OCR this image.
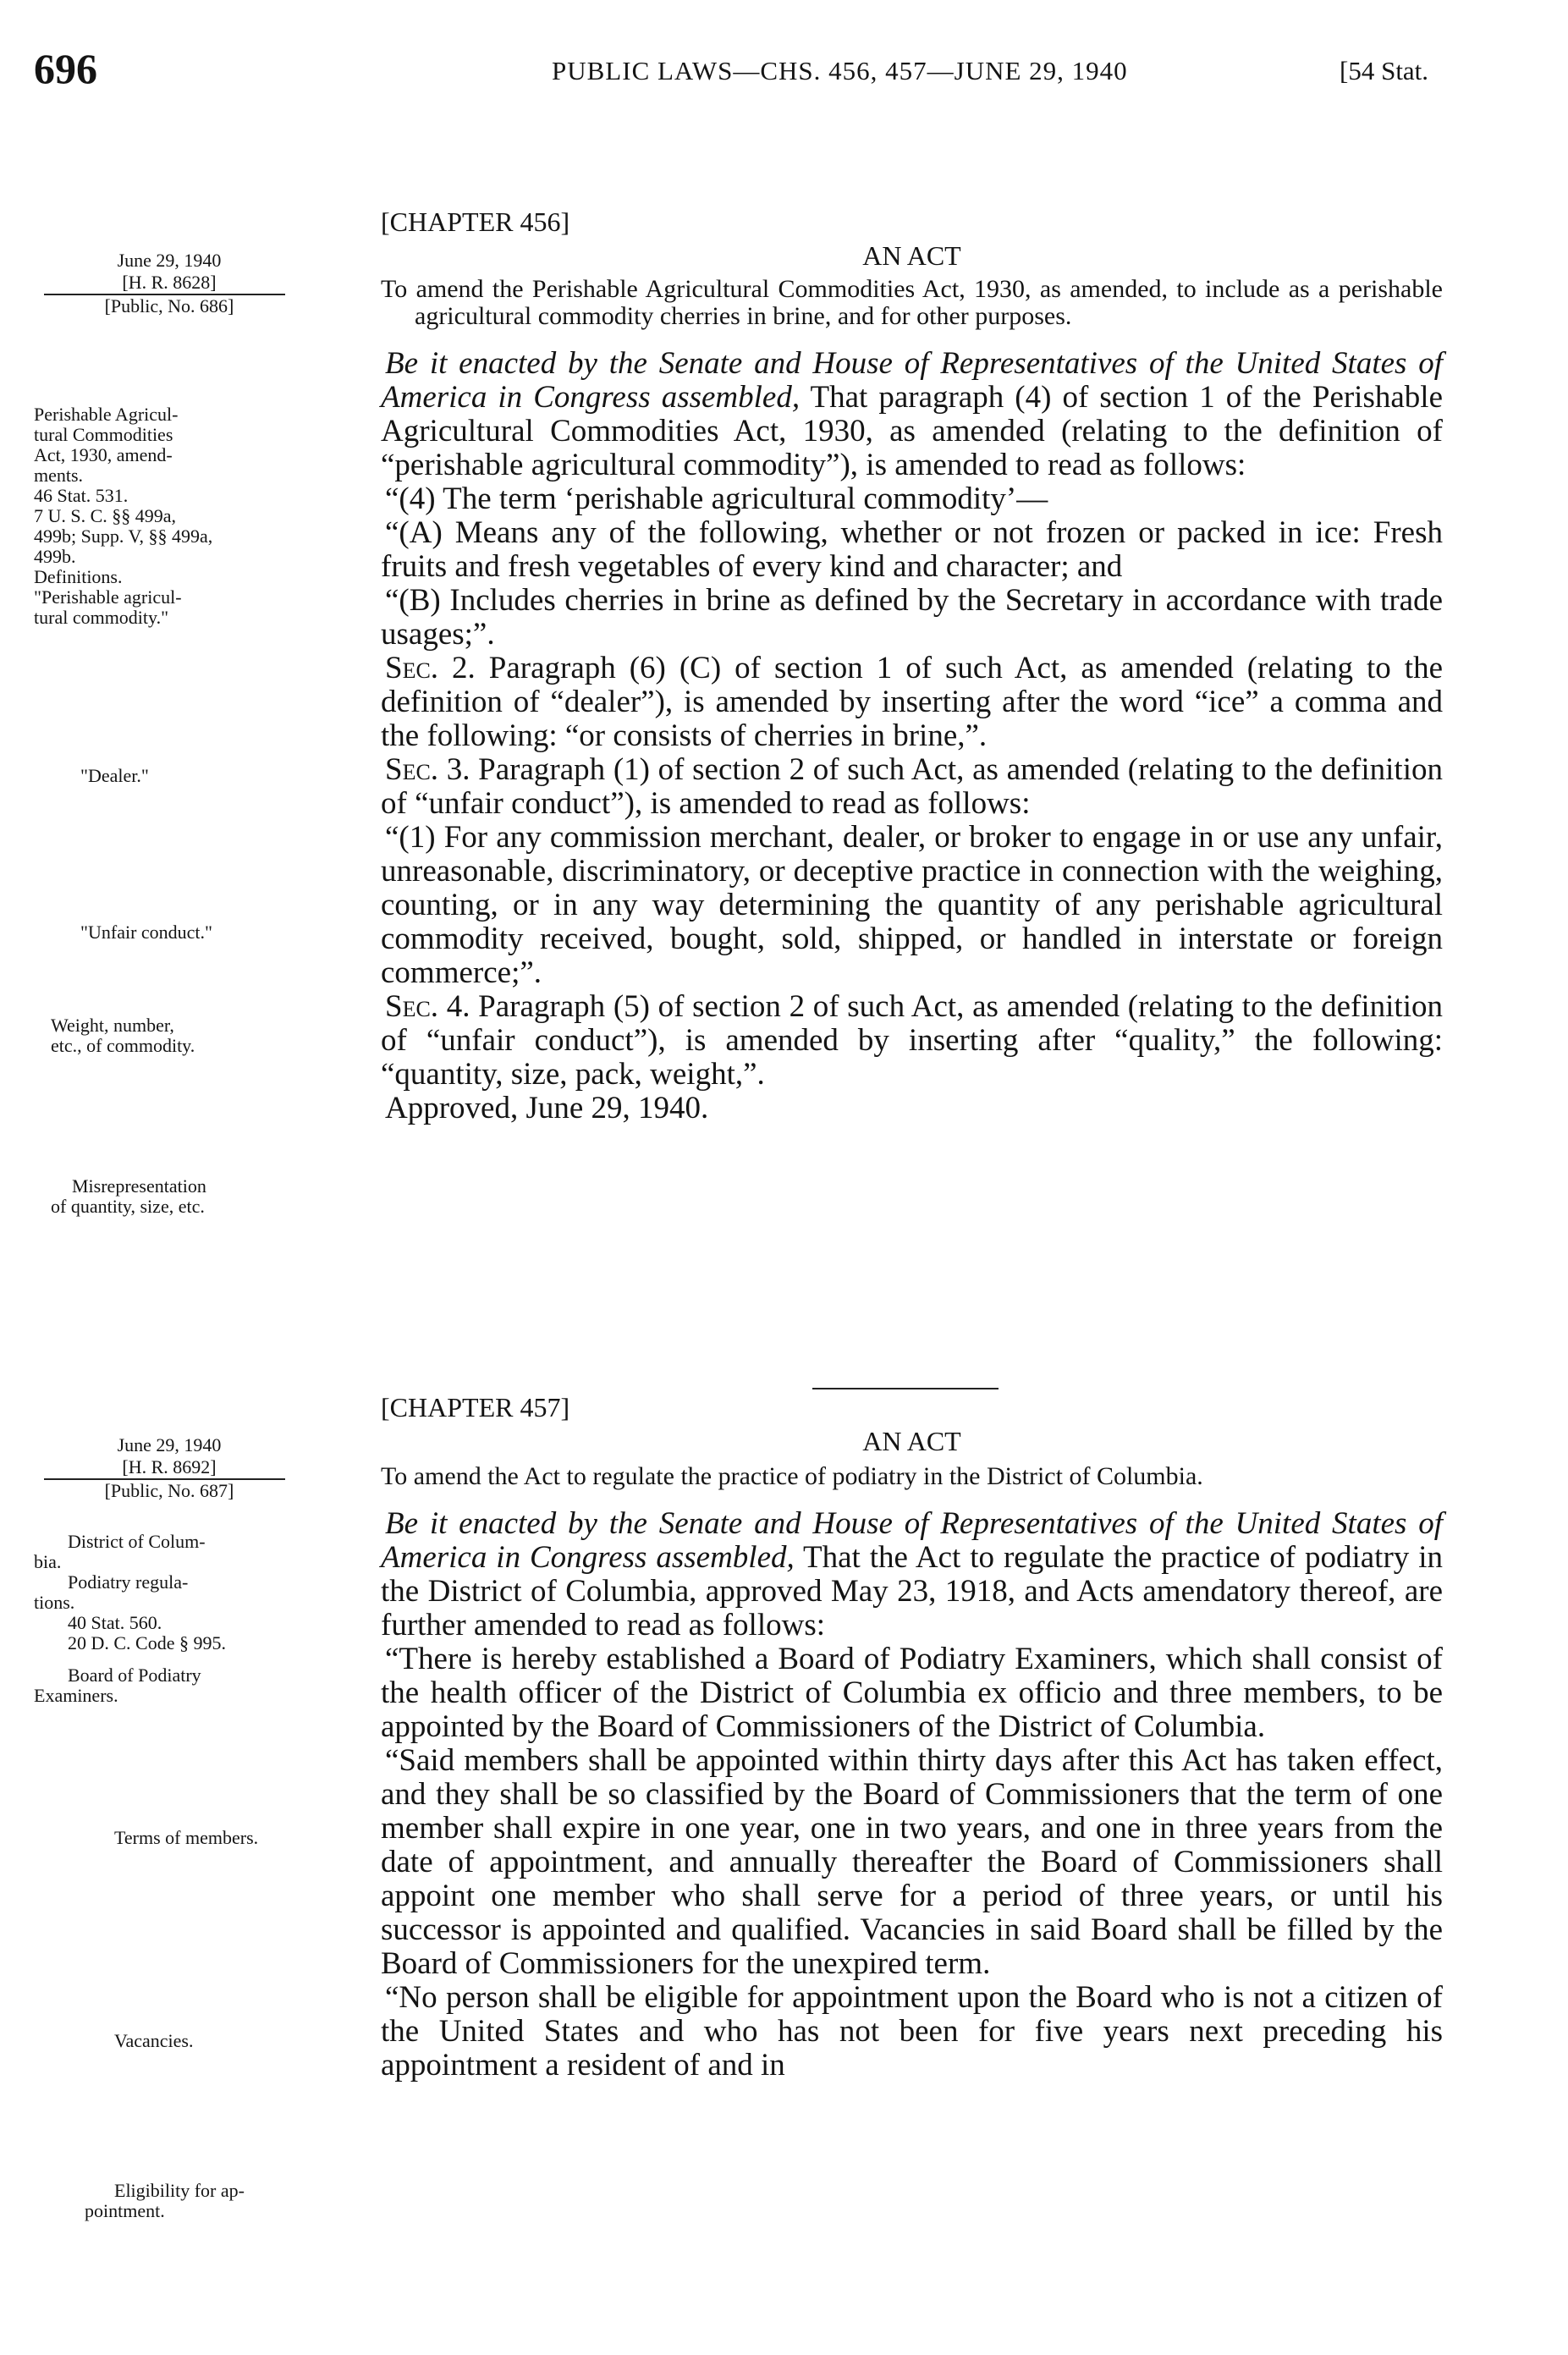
696	PUBLIC LAWS—CHS. 456, 457—JUNE 29, 1940	[54 Stat.
June 29, 1940
[H. R. 8628]
[Public, No. 686]
Perishable Agricul-
tural Commodities
Act, 1930, amend-
ments.
46 Stat. 531.
7 U. S. C. §§ 499a,
499b; Supp. V, §§ 499a,
499b.
Definitions.
"Perishable agricul-
tural commodity."
"Dealer."
"Unfair conduct."
Weight, number,
etc., of commodity.
Misrepresentation
of quantity, size, etc.
[CHAPTER 456]
AN ACT
To amend the Perishable Agricultural Commodities Act, 1930, as amended, to include as a perishable agricultural commodity cherries in brine, and for other purposes.

Be it enacted by the Senate and House of Representatives of the United States of America in Congress assembled, That paragraph (4) of section 1 of the Perishable Agricultural Commodities Act, 1930, as amended (relating to the definition of “perishable agricultural commodity”), is amended to read as follows:

“(4) The term ‘perishable agricultural commodity’—

“(A) Means any of the following, whether or not frozen or packed in ice: Fresh fruits and fresh vegetables of every kind and character; and

“(B) Includes cherries in brine as defined by the Secretary in accordance with trade usages;”.

Sec. 2. Paragraph (6) (C) of section 1 of such Act, as amended (relating to the definition of “dealer”), is amended by inserting after the word “ice” a comma and the following: “or consists of cherries in brine,”.

Sec. 3. Paragraph (1) of section 2 of such Act, as amended (relating to the definition of “unfair conduct”), is amended to read as follows:

“(1) For any commission merchant, dealer, or broker to engage in or use any unfair, unreasonable, discriminatory, or deceptive practice in connection with the weighing, counting, or in any way determining the quantity of any perishable agricultural commodity received, bought, sold, shipped, or handled in interstate or foreign commerce;”.

Sec. 4. Paragraph (5) of section 2 of such Act, as amended (relating to the definition of “unfair conduct”), is amended by inserting after “quality,” the following: “quantity, size, pack, weight,”.

Approved, June 29, 1940.

June 29, 1940
[H. R. 8692]
[Public, No. 687]
District of Colum-
bia.
Podiatry regula-
tions.
40 Stat. 560.
20 D. C. Code § 995.
Board of Podiatry
Examiners.
Terms of members.
Vacancies.
Eligibility for ap-
pointment.
[CHAPTER 457]
AN ACT
To amend the Act to regulate the practice of podiatry in the District of Columbia.

Be it enacted by the Senate and House of Representatives of the United States of America in Congress assembled, That the Act to regulate the practice of podiatry in the District of Columbia, approved May 23, 1918, and Acts amendatory thereof, are further amended to read as follows:

“There is hereby established a Board of Podiatry Examiners, which shall consist of the health officer of the District of Columbia ex officio and three members, to be appointed by the Board of Commissioners of the District of Columbia.

“Said members shall be appointed within thirty days after this Act has taken effect, and they shall be so classified by the Board of Commissioners that the term of one member shall expire in one year, one in two years, and one in three years from the date of appointment, and annually thereafter the Board of Commissioners shall appoint one member who shall serve for a period of three years, or until his successor is appointed and qualified. Vacancies in said Board shall be filled by the Board of Commissioners for the unexpired term.

“No person shall be eligible for appointment upon the Board who is not a citizen of the United States and who has not been for five years next preceding his appointment a resident of and in
